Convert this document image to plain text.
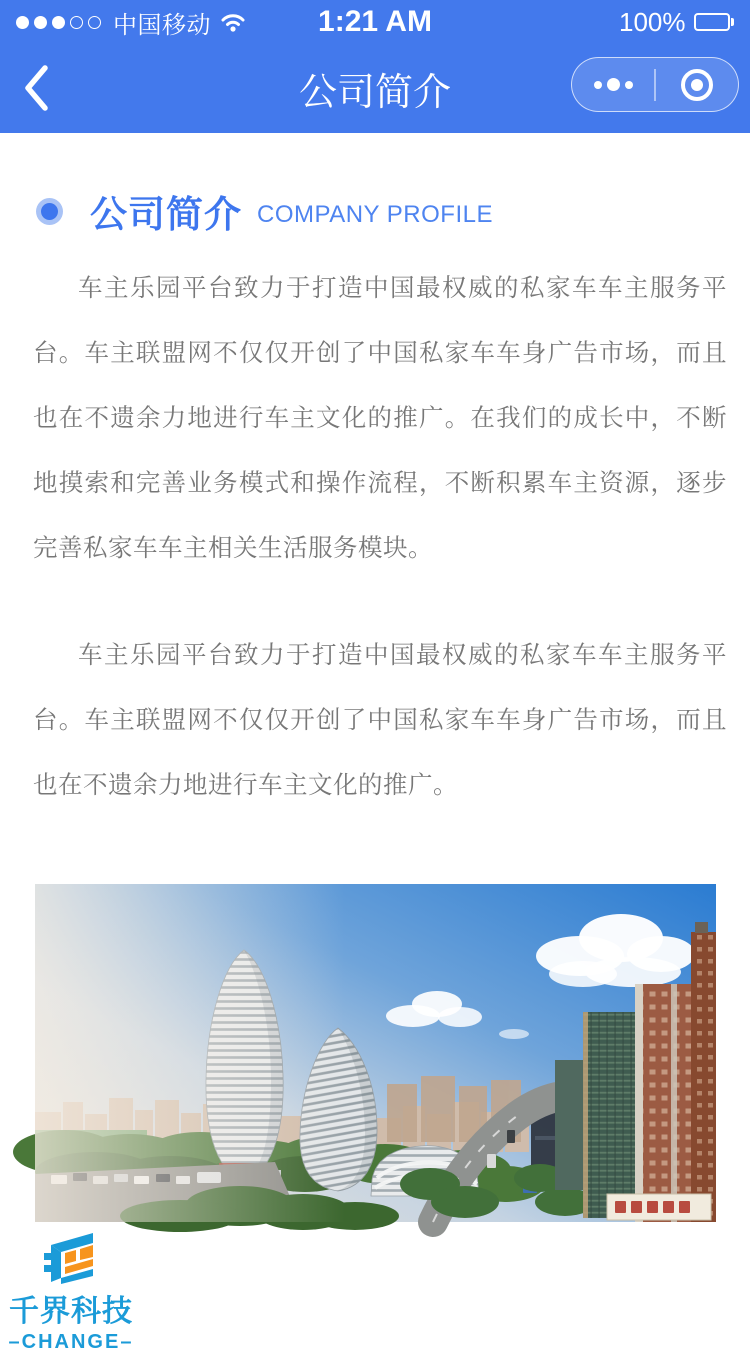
中国移动	1:21 AM	100%
公司简介
公司简介 COMPANY PROFILE

车主乐园平台致力于打造中国最权威的私家车车主服务平台。车主联盟网不仅仅开创了中国私家车车身广告市场，而且也在不遗余力地进行车主文化的推广。在我们的成长中，不断地摸索和完善业务模式和操作流程，不断积累车主资源，逐步完善私家车车主相关生活服务模块。

车主乐园平台致力于打造中国最权威的私家车车主服务平台。车主联盟网不仅仅开创了中国私家车车身广告市场，而且也在不遗余力地进行车主文化的推广。

千界科技
–CHANGE–
